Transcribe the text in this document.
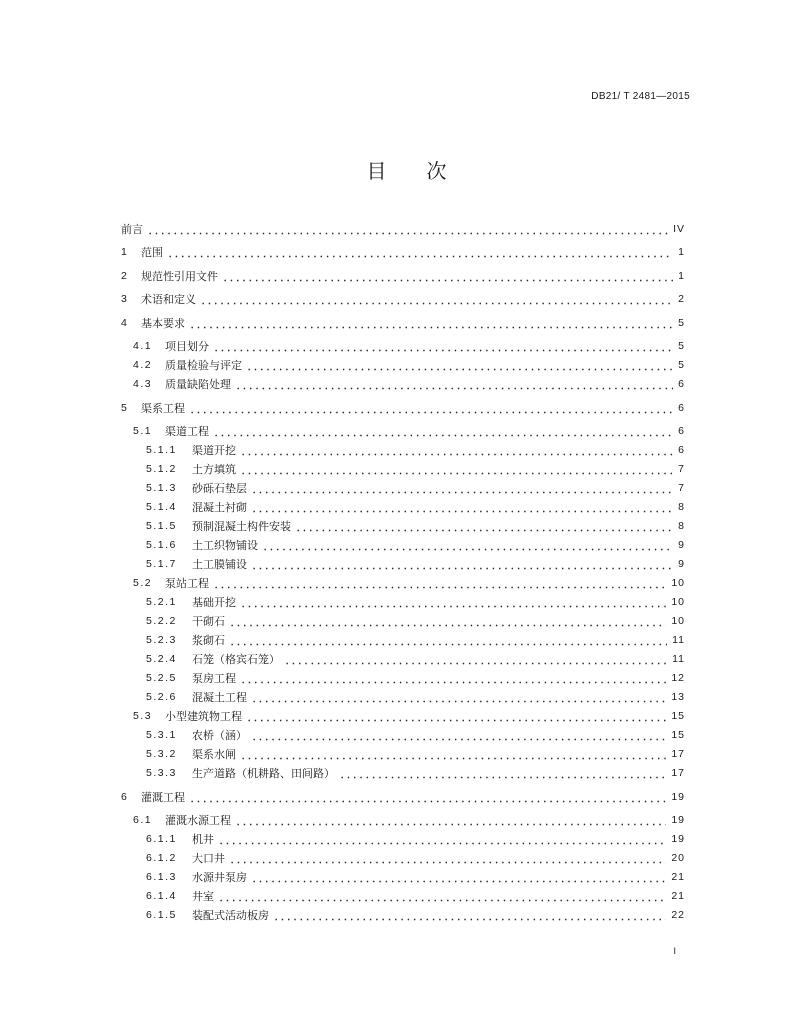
DB21/ T 2481—2015
目　　次
前言	IV
1	范围	1
2	规范性引用文件	1
3	术语和定义	2
4	基本要求	5
4.1	项目划分	5
4.2	质量检验与评定	5
4.3	质量缺陷处理	6
5	渠系工程	6
5.1	渠道工程	6
5.1.1	渠道开挖	6
5.1.2	土方填筑	7
5.1.3	砂砾石垫层	7
5.1.4	混凝土衬砌	8
5.1.5	预制混凝土构件安装	8
5.1.6	土工织物铺设	9
5.1.7	土工膜铺设	9
5.2	泵站工程	10
5.2.1	基础开挖	10
5.2.2	干砌石	10
5.2.3	浆砌石	11
5.2.4	石笼（格宾石笼）	11
5.2.5	泵房工程	12
5.2.6	混凝土工程	13
5.3	小型建筑物工程	15
5.3.1	农桥（涵）	15
5.3.2	渠系水闸	17
5.3.3	生产道路（机耕路、田间路）	17
6	灌溉工程	19
6.1	灌溉水源工程	19
6.1.1	机井	19
6.1.2	大口井	20
6.1.3	水源井泵房	21
6.1.4	井室	21
6.1.5	装配式活动板房	22
I
